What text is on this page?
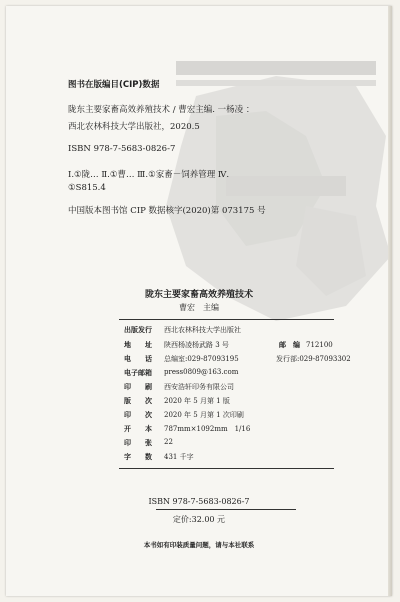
图书在版编目(CIP)数据
陇东主要家畜高效养殖技术 / 曹宏主编. 一杨凌 ：
西北农林科技大学出版社，2020.5
ISBN 978-7-5683-0826-7
Ⅰ.①陇… Ⅱ.①曹… Ⅲ.①家畜－饲养管理 Ⅳ.
①S815.4
中国版本图书馆 CIP 数据核字(2020)第 073175 号
陇东主要家畜高效养殖技术
曹宏　主编
出版发行	西北农林科技大学出版社
地　　址	陕西杨凌杨武路 3 号	邮　编 712100
电　　话	总编室:029-87093195	发行部:029-87093302
电子邮箱	press0809@163.com
印　　刷	西安浩轩印务有限公司
版　　次	2020 年 5 月第 1 版
印　　次	2020 年 5 月第 1 次印刷
开　　本	787mm×1092mm　1/16
印　　张	22
字　　数	431 千字
ISBN 978-7-5683-0826-7
定价:32.00 元
本书如有印装质量问题，请与本社联系
